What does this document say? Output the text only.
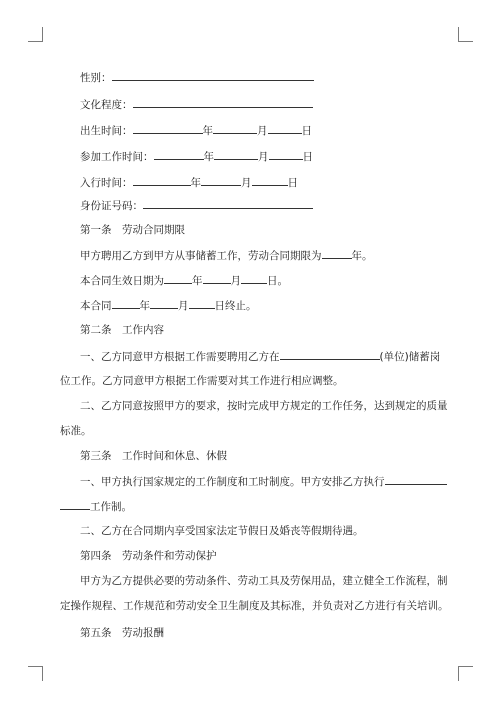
性别：
文化程度：
出生时间：	年	月	日
参加工作时间：	年	月	日
入行时间：	年	月	日
身份证号码：
第一条　劳动合同期限
甲方聘用乙方到甲方从事储蓄工作，劳动合同期限为	年。
本合同生效日期为	年	月 日。
本合同	年	月 日终止。
第二条　工作内容
一、乙方同意甲方根据工作需要聘用乙方在	(单位)储蓄岗
位工作。乙方同意甲方根据工作需要对其工作进行相应调整。
二、乙方同意按照甲方的要求，按时完成甲方规定的工作任务，达到规定的质量
标准。
第三条　工作时间和休息、休假
一、甲方执行国家规定的工作制度和工时制度。甲方安排乙方执行
工作制。
二、乙方在合同期内享受国家法定节假日及婚丧等假期待遇。
第四条　劳动条件和劳动保护
甲方为乙方提供必要的劳动条件、劳动工具及劳保用品，建立健全工作流程，制
定操作规程、工作规范和劳动安全卫生制度及其标准，并负责对乙方进行有关培训。
第五条　劳动报酬
